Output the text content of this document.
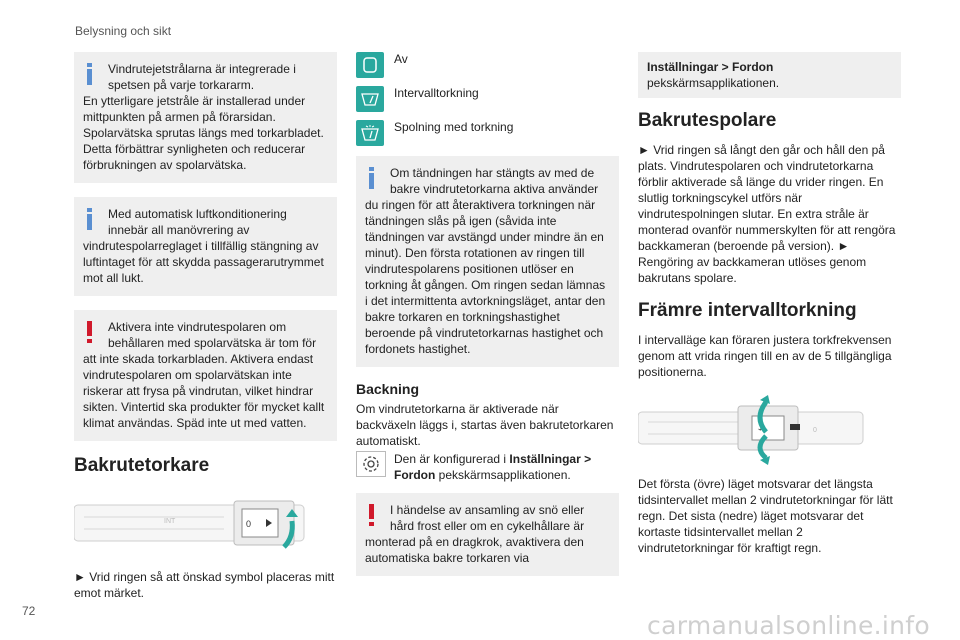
Belysning och sikt
Vindrutejetstrålarna är integrerade i spetsen på varje torkararm.

En ytterligare jetstråle är installerad under mittpunkten på armen på förarsidan. Spolarvätska sprutas längs med torkarbladet. Detta förbättrar synligheten och reducerar förbrukningen av spolarvätska.

Med automatisk luftkonditionering innebär all manövrering av

vindrutespolarreglaget i tillfällig stängning av luftintaget för att skydda passagerarutrymmet mot all lukt.

Aktivera inte vindrutespolaren om behållaren med spolarvätska är tom för

att inte skada torkarbladen. Aktivera endast vindrutespolaren om spolarvätskan inte riskerar att frysa på vindrutan, vilket hindrar sikten. Vintertid ska produkter för mycket kallt klimat användas. Späd inte ut med vatten.

Bakrutetorkare
INT	0

► Vrid ringen så att önskad symbol placeras mitt emot märket.

Av
Intervalltorkning
Spolning med torkning
Om tändningen har stängts av med de bakre vindrutetorkarna aktiva använder

du ringen för att återaktivera torkningen när tändningen slås på igen (såvida inte tändningen var avstängd under mindre än en minut). Den första rotationen av ringen till vindrutespolarens positionen utlöser en torkning åt gången. Om ringen sedan lämnas i det intermittenta avtorkningsläget, antar den bakre torkaren en torkningshastighet beroende på vindrutetorkarnas hastighet och fordonets hastighet.

Backning

Om vindrutetorkarna är aktiverade när backväxeln läggs i, startas även bakrutetorkaren automatiskt.

Den är konfigurerad i Inställningar > Fordon pekskärmsapplikationen.

I händelse av ansamling av snö eller hård frost eller om en cykelhållare är

monterad på en dragkrok, avaktivera den automatiska bakre torkaren via

Inställningar > Fordon
pekskärmsapplikationen.
Bakrutespolare

► Vrid ringen så långt den går och håll den på plats. Vindrutespolaren och vindrutetorkarna förblir aktiverade så länge du vrider ringen. En slutlig torkningscykel utförs när vindrutespolningen slutar. En extra stråle är monterad ovanför nummerskylten för att rengöra backkameran (beroende på version). ► Rengöring av backkameran utlöses genom bakrutans spolare.

Främre intervalltorkning

I intervalläge kan föraren justera torkfrekvensen genom att vrida ringen till en av de 5 tillgängliga positionerna.

⌁	0

Det första (övre) läget motsvarar det längsta tidsintervallet mellan 2 vindrutetorkningar för lätt regn. Det sista (nedre) läget motsvarar det kortaste tidsintervallet mellan 2 vindrutetorkningar för kraftigt regn.

72	carmanualsonline.info
